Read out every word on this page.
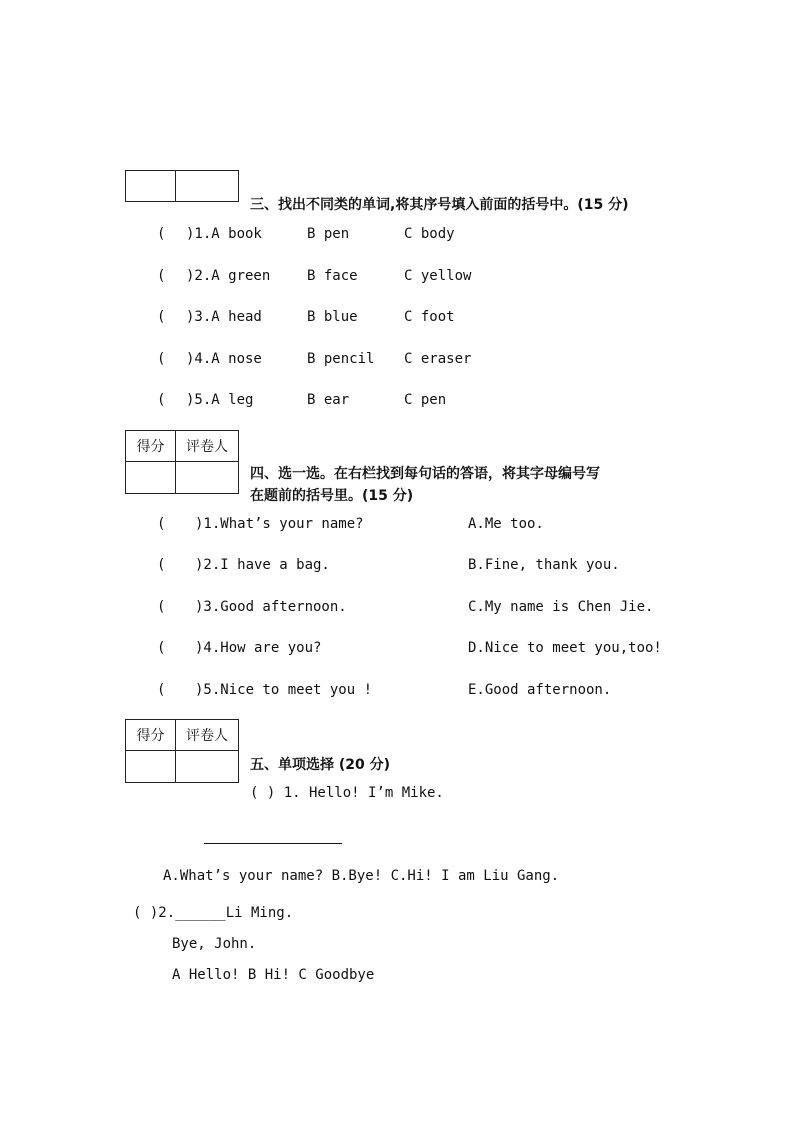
三、找出不同类的单词,将其序号填入前面的括号中。(15 分)
( )1.A book	B pen	C body
( )2.A green	B face	C yellow
( )3.A head	B blue	C foot
( )4.A nose	B pencil C eraser
( )5.A leg	B ear	C pen
得分	评卷人

四、选一选。在右栏找到每句话的答语，将其字母编号写
在题前的括号里。(15 分)
( )1.What’s your name?	A.Me too.
( )2.I have a bag.	B.Fine, thank you.
( )3.Good afternoon.	C.My name is Chen Jie.
( )4.How are you?	D.Nice to meet you,too!
( )5.Nice to meet you !	E.Good afternoon.
得分	评卷人

五、单项选择 (20 分)
( ) 1. Hello! I’m Mike.
A.What’s your name? B.Bye! C.Hi! I am Liu Gang.
( )2.______Li Ming.
Bye, John.
A Hello! B Hi! C Goodbye
